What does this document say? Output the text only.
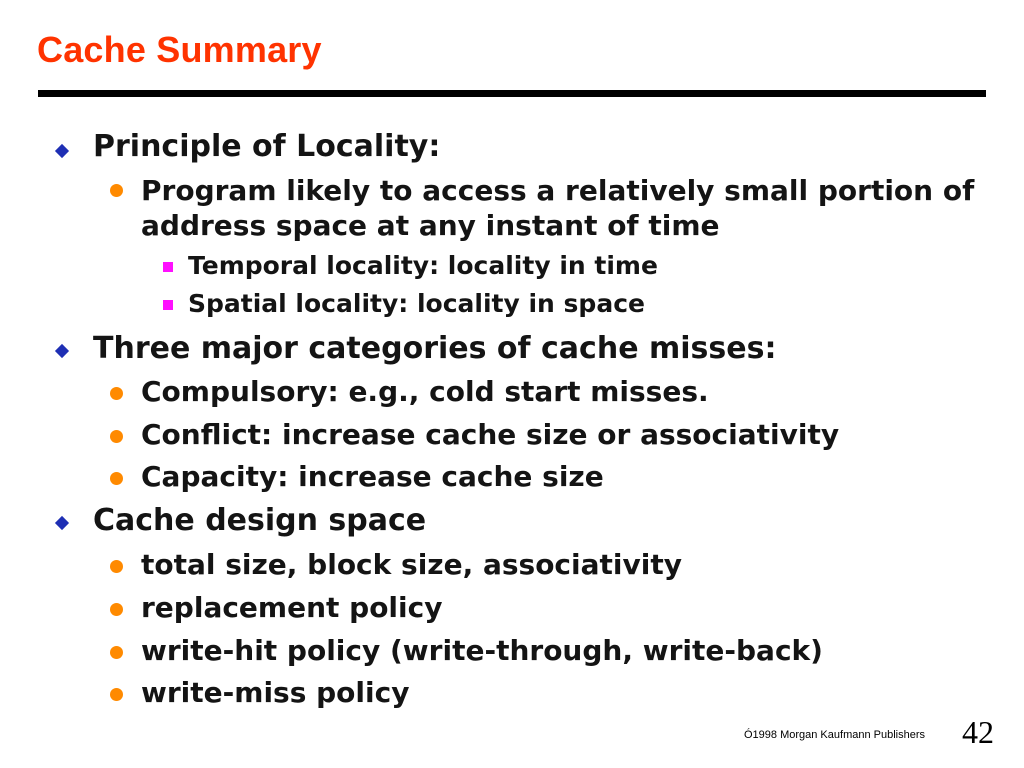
Cache Summary
Principle of Locality:
Program likely to access a relatively small portion of
address space at any instant of time
Temporal locality: locality in time
Spatial locality: locality in space
Three major categories of cache misses:
Compulsory: e.g., cold start misses.
Conflict: increase cache size or associativity
Capacity: increase cache size
Cache design space
total size, block size, associativity
replacement policy
write-hit policy (write-through, write-back)
write-miss policy
Ó1998 Morgan Kaufmann Publishers 42
